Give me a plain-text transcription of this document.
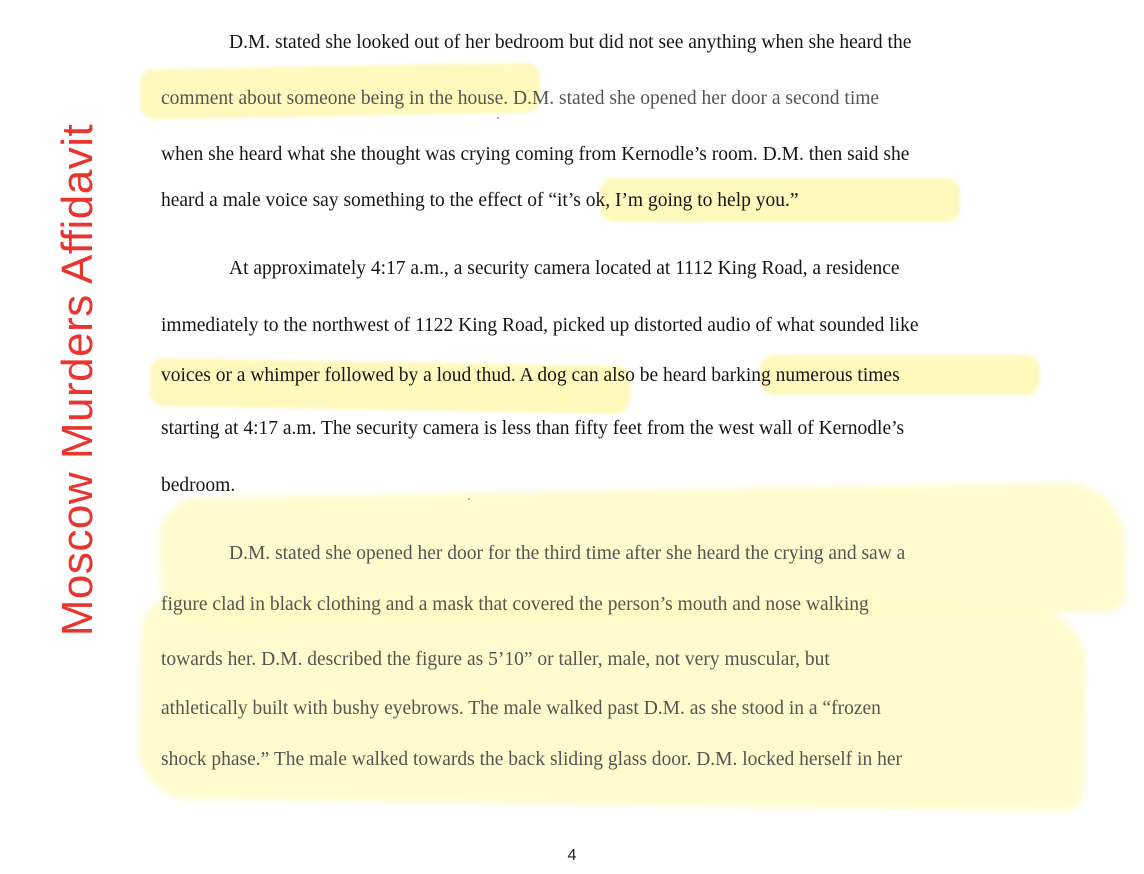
Moscow Murders Affidavit
D.M. stated she looked out of her bedroom but did not see anything when she heard the
comment about someone being in the house. D.M. stated she opened her door a second time
when she heard what she thought was crying coming from Kernodle’s room. D.M. then said she
heard a male voice say something to the effect of “it’s ok, I’m going to help you.”
At approximately 4:17 a.m., a security camera located at 1112 King Road, a residence
immediately to the northwest of 1122 King Road, picked up distorted audio of what sounded like
voices or a whimper followed by a loud thud. A dog can also be heard barking numerous times
starting at 4:17 a.m. The security camera is less than fifty feet from the west wall of Kernodle’s
bedroom.
D.M. stated she opened her door for the third time after she heard the crying and saw a
figure clad in black clothing and a mask that covered the person’s mouth and nose walking
towards her. D.M. described the figure as 5’10” or taller, male, not very muscular, but
athletically built with bushy eyebrows. The male walked past D.M. as she stood in a “frozen
shock phase.” The male walked towards the back sliding glass door. D.M. locked herself in her
4
